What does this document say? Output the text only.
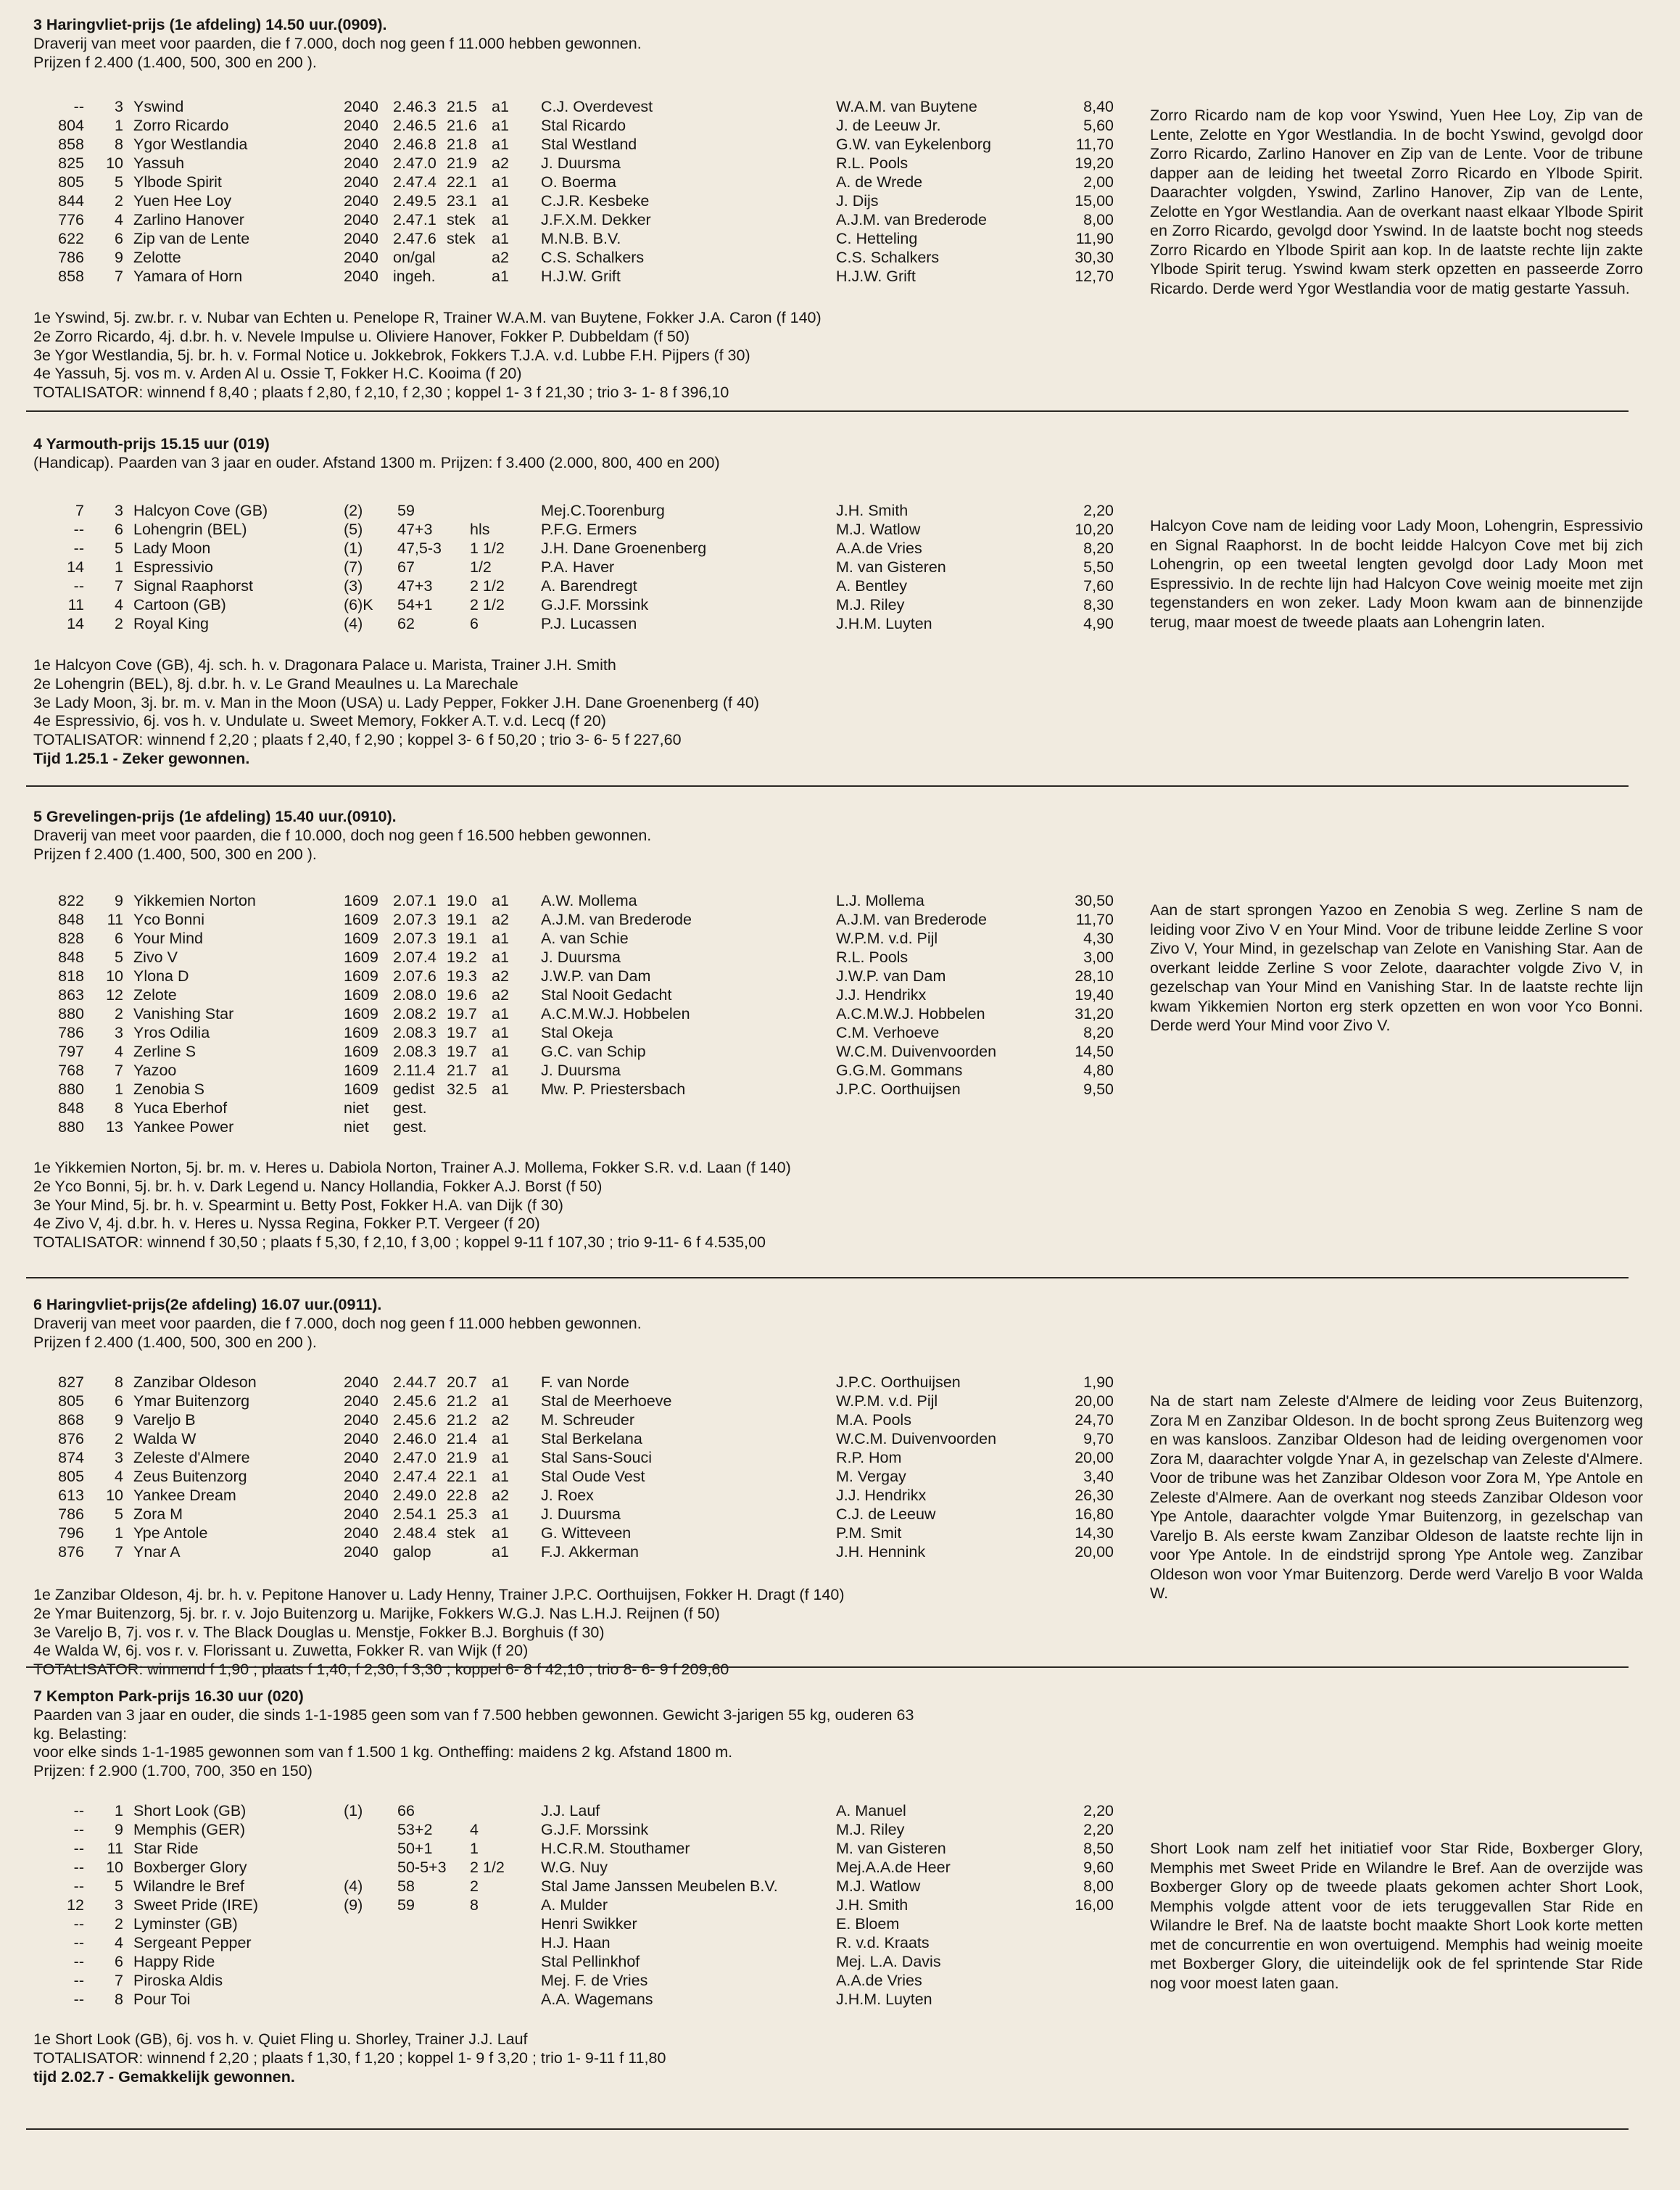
3 Haringvliet-prijs (1e afdeling) 14.50 uur.(0909).
Draverij van meet voor paarden, die f 7.000, doch nog geen f 11.000 hebben gewonnen.
Prijzen f 2.400 (1.400, 500, 300 en 200 ).
--	3 Yswind	2040 2.46.3 21.5 a1 C.J. Overdevest	W.A.M. van Buytene	8,40
804	1 Zorro Ricardo	2040 2.46.5 21.6 a1 Stal Ricardo	J. de Leeuw Jr.	5,60
858	8 Ygor Westlandia	2040 2.46.8 21.8 a1 Stal Westland	G.W. van Eykelenborg	11,70
825	10 Yassuh	2040 2.47.0 21.9 a2 J. Duursma	R.L. Pools	19,20
805	5 Ylbode Spirit	2040 2.47.4 22.1 a1 O. Boerma	A. de Wrede	2,00
844	2 Yuen Hee Loy	2040 2.49.5 23.1 a1 C.J.R. Kesbeke	J. Dijs	15,00
776	4 Zarlino Hanover	2040 2.47.1 stek a1 J.F.X.M. Dekker	A.J.M. van Brederode	8,00
622	6 Zip van de Lente	2040 2.47.6 stek a1 M.N.B. B.V.	C. Hetteling	11,90
786	9 Zelotte	2040 on/gal	a2 C.S. Schalkers	C.S. Schalkers	30,30
858	7 Yamara of Horn	2040 ingeh.	a1 H.J.W. Grift	H.J.W. Grift	12,70
1e Yswind, 5j. zw.br. r. v. Nubar van Echten u. Penelope R, Trainer W.A.M. van Buytene, Fokker J.A. Caron (f 140)
2e Zorro Ricardo, 4j. d.br. h. v. Nevele Impulse u. Oliviere Hanover, Fokker P. Dubbeldam (f 50)
3e Ygor Westlandia, 5j. br. h. v. Formal Notice u. Jokkebrok, Fokkers T.J.A. v.d. Lubbe F.H. Pijpers (f 30)
4e Yassuh, 5j. vos m. v. Arden Al u. Ossie T, Fokker H.C. Kooima (f 20)
TOTALISATOR: winnend f 8,40 ; plaats f 2,80, f 2,10, f 2,30 ; koppel 1- 3 f 21,30 ; trio 3- 1- 8 f 396,10
Zorro Ricardo nam de kop voor Yswind, Yuen Hee Loy, Zip van de Lente, Zelotte en Ygor Westlandia. In de bocht Yswind, gevolgd door Zorro Ricardo, Zarlino Hanover en Zip van de Lente. Voor de tribune dapper aan de leiding het tweetal Zorro Ricardo en Ylbode Spirit. Daarachter volgden, Yswind, Zarlino Hanover, Zip van de Lente, Zelotte en Ygor Westlandia. Aan de overkant naast elkaar Ylbode Spirit en Zorro Ricardo, gevolgd door Yswind. In de laatste bocht nog steeds Zorro Ricardo en Ylbode Spirit aan kop. In de laatste rechte lijn zakte Ylbode Spirit terug. Yswind kwam sterk opzetten en passeerde Zorro Ricardo. Derde werd Ygor Westlandia voor de matig gestarte Yassuh.
4 Yarmouth-prijs 15.15 uur (019)
(Handicap). Paarden van 3 jaar en ouder. Afstand 1300 m. Prijzen: f 3.400 (2.000, 800, 400 en 200)
7	3 Halcyon Cove (GB)	(2) 59	Mej.C.Toorenburg	J.H. Smith	2,20
--	6 Lohengrin (BEL)	(5) 47+3 hls	P.F.G. Ermers	M.J. Watlow	10,20
--	5 Lady Moon	(1) 47,5-3 1 1/2 J.H. Dane Groenenberg	A.A.de Vries	8,20
14	1 Espressivio	(7) 67	1/2	P.A. Haver	M. van Gisteren	5,50
--	7 Signal Raaphorst	(3) 47+3 2 1/2 A. Barendregt	A. Bentley	7,60
11	4 Cartoon (GB)	(6)K 54+1 2 1/2 G.J.F. Morssink	M.J. Riley	8,30
14	2 Royal King	(4) 62	6	P.J. Lucassen	J.H.M. Luyten	4,90
1e Halcyon Cove (GB), 4j. sch. h. v. Dragonara Palace u. Marista, Trainer J.H. Smith
2e Lohengrin (BEL), 8j. d.br. h. v. Le Grand Meaulnes u. La Marechale
3e Lady Moon, 3j. br. m. v. Man in the Moon (USA) u. Lady Pepper, Fokker J.H. Dane Groenenberg (f 40)
4e Espressivio, 6j. vos h. v. Undulate u. Sweet Memory, Fokker A.T. v.d. Lecq (f 20)
TOTALISATOR: winnend f 2,20 ; plaats f 2,40, f 2,90 ; koppel 3- 6 f 50,20 ; trio 3- 6- 5 f 227,60
Tijd 1.25.1 - Zeker gewonnen.
Halcyon Cove nam de leiding voor Lady Moon, Lohengrin, Espressivio en Signal Raaphorst. In de bocht leidde Halcyon Cove met bij zich Lohengrin, op een tweetal lengten gevolgd door Lady Moon met Espressivio. In de rechte lijn had Halcyon Cove weinig moeite met zijn tegenstanders en won zeker. Lady Moon kwam aan de binnenzijde terug, maar moest de tweede plaats aan Lohengrin laten.
5 Grevelingen-prijs (1e afdeling) 15.40 uur.(0910).
Draverij van meet voor paarden, die f 10.000, doch nog geen f 16.500 hebben gewonnen.
Prijzen f 2.400 (1.400, 500, 300 en 200 ).
822	9 Yikkemien Norton	1609 2.07.1 19.0 a1 A.W. Mollema	L.J. Mollema	30,50
848	11 Yco Bonni	1609 2.07.3 19.1 a2 A.J.M. van Brederode	A.J.M. van Brederode	11,70
828	6 Your Mind	1609 2.07.3 19.1 a1 A. van Schie	W.P.M. v.d. Pijl	4,30
848	5 Zivo V	1609 2.07.4 19.2 a1 J. Duursma	R.L. Pools	3,00
818	10 Ylona D	1609 2.07.6 19.3 a2 J.W.P. van Dam	J.W.P. van Dam	28,10
863	12 Zelote	1609 2.08.0 19.6 a2 Stal Nooit Gedacht	J.J. Hendrikx	19,40
880	2 Vanishing Star	1609 2.08.2 19.7 a1 A.C.M.W.J. Hobbelen	A.C.M.W.J. Hobbelen	31,20
786	3 Yros Odilia	1609 2.08.3 19.7 a1 Stal Okeja	C.M. Verhoeve	8,20
797	4 Zerline S	1609 2.08.3 19.7 a1 G.C. van Schip	W.C.M. Duivenvoorden	14,50
768	7 Yazoo	1609 2.11.4 21.7 a1 J. Duursma	G.G.M. Gommans	4,80
880	1 Zenobia S	1609 gedist 32.5 a1 Mw. P. Priestersbach	J.P.C. Oorthuijsen	9,50
848	8 Yuca Eberhof	niet gest.
880	13 Yankee Power	niet gest.
1e Yikkemien Norton, 5j. br. m. v. Heres u. Dabiola Norton, Trainer A.J. Mollema, Fokker S.R. v.d. Laan (f 140)
2e Yco Bonni, 5j. br. h. v. Dark Legend u. Nancy Hollandia, Fokker A.J. Borst (f 50)
3e Your Mind, 5j. br. h. v. Spearmint u. Betty Post, Fokker H.A. van Dijk (f 30)
4e Zivo V, 4j. d.br. h. v. Heres u. Nyssa Regina, Fokker P.T. Vergeer (f 20)
TOTALISATOR: winnend f 30,50 ; plaats f 5,30, f 2,10, f 3,00 ; koppel 9-11 f 107,30 ; trio 9-11- 6 f 4.535,00
Aan de start sprongen Yazoo en Zenobia S weg. Zerline S nam de leiding voor Zivo V en Your Mind. Voor de tribune leidde Zerline S voor Zivo V, Your Mind, in gezelschap van Zelote en Vanishing Star. Aan de overkant leidde Zerline S voor Zelote, daarachter volgde Zivo V, in gezelschap van Your Mind en Vanishing Star. In de laatste rechte lijn kwam Yikkemien Norton erg sterk opzetten en won voor Yco Bonni. Derde werd Your Mind voor Zivo V.
6 Haringvliet-prijs(2e afdeling) 16.07 uur.(0911).
Draverij van meet voor paarden, die f 7.000, doch nog geen f 11.000 hebben gewonnen.
Prijzen f 2.400 (1.400, 500, 300 en 200 ).
827	8 Zanzibar Oldeson	2040 2.44.7 20.7 a1 F. van Norde	J.P.C. Oorthuijsen	1,90
805	6 Ymar Buitenzorg	2040 2.45.6 21.2 a1 Stal de Meerhoeve	W.P.M. v.d. Pijl	20,00
868	9 Vareljo B	2040 2.45.6 21.2 a2 M. Schreuder	M.A. Pools	24,70
876	2 Walda W	2040 2.46.0 21.4 a1 Stal Berkelana	W.C.M. Duivenvoorden	9,70
874	3 Zeleste d'Almere	2040 2.47.0 21.9 a1 Stal Sans-Souci	R.P. Hom	20,00
805	4 Zeus Buitenzorg	2040 2.47.4 22.1 a1 Stal Oude Vest	M. Vergay	3,40
613	10 Yankee Dream	2040 2.49.0 22.8 a2 J. Roex	J.J. Hendrikx	26,30
786	5 Zora M	2040 2.54.1 25.3 a1 J. Duursma	C.J. de Leeuw	16,80
796	1 Ype Antole	2040 2.48.4 stek a1 G. Witteveen	P.M. Smit	14,30
876	7 Ynar A	2040 galop	a1 F.J. Akkerman	J.H. Hennink	20,00
1e Zanzibar Oldeson, 4j. br. h. v. Pepitone Hanover u. Lady Henny, Trainer J.P.C. Oorthuijsen, Fokker H. Dragt (f 140)
2e Ymar Buitenzorg, 5j. br. r. v. Jojo Buitenzorg u. Marijke, Fokkers W.G.J. Nas L.H.J. Reijnen (f 50)
3e Vareljo B, 7j. vos r. v. The Black Douglas u. Menstje, Fokker B.J. Borghuis (f 30)
4e Walda W, 6j. vos r. v. Florissant u. Zuwetta, Fokker R. van Wijk (f 20)
TOTALISATOR: winnend f 1,90 ; plaats f 1,40, f 2,30, f 3,30 ; koppel 6- 8 f 42,10 ; trio 8- 6- 9 f 209,60
Na de start nam Zeleste d'Almere de leiding voor Zeus Buitenzorg, Zora M en Zanzibar Oldeson. In de bocht sprong Zeus Buitenzorg weg en was kansloos. Zanzibar Oldeson had de leiding overgenomen voor Zora M, daarachter volgde Ynar A, in gezelschap van Zeleste d'Almere. Voor de tribune was het Zanzibar Oldeson voor Zora M, Ype Antole en Zeleste d'Almere. Aan de overkant nog steeds Zanzibar Oldeson voor Ype Antole, daarachter volgde Ymar Buitenzorg, in gezelschap van Vareljo B. Als eerste kwam Zanzibar Oldeson de laatste rechte lijn in voor Ype Antole. In de eindstrijd sprong Ype Antole weg. Zanzibar Oldeson won voor Ymar Buitenzorg. Derde werd Vareljo B voor Walda W.
7 Kempton Park-prijs 16.30 uur (020)
Paarden van 3 jaar en ouder, die sinds 1-1-1985 geen som van f 7.500 hebben gewonnen. Gewicht 3-jarigen 55 kg, ouderen 63
kg. Belasting:
voor elke sinds 1-1-1985 gewonnen som van f 1.500 1 kg. Ontheffing: maidens 2 kg. Afstand 1800 m.
Prijzen: f 2.900 (1.700, 700, 350 en 150)
--	1 Short Look (GB)	(1) 66	J.J. Lauf	A. Manuel	2,20
--	9 Memphis (GER)	53+2 4	G.J.F. Morssink	M.J. Riley	2,20
--	11 Star Ride	50+1 1	H.C.R.M. Stouthamer	M. van Gisteren	8,50
--	10 Boxberger Glory	50-5+3 2 1/2 W.G. Nuy	Mej.A.A.de Heer	9,60
--	5 Wilandre le Bref	(4) 58	2	Stal Jame Janssen Meubelen B.V.	M.J. Watlow	8,00
12	3 Sweet Pride (IRE)	(9) 59	8	A. Mulder	J.H. Smith	16,00
--	2 Lyminster (GB)	Henri Swikker	E. Bloem
--	4 Sergeant Pepper	H.J. Haan	R. v.d. Kraats
--	6 Happy Ride	Stal Pellinkhof	Mej. L.A. Davis
--	7 Piroska Aldis	Mej. F. de Vries	A.A.de Vries
--	8 Pour Toi	A.A. Wagemans	J.H.M. Luyten
1e Short Look (GB), 6j. vos h. v. Quiet Fling u. Shorley, Trainer J.J. Lauf
TOTALISATOR: winnend f 2,20 ; plaats f 1,30, f 1,20 ; koppel 1- 9 f 3,20 ; trio 1- 9-11 f 11,80
tijd 2.02.7 - Gemakkelijk gewonnen.
Short Look nam zelf het initiatief voor Star Ride, Boxberger Glory, Memphis met Sweet Pride en Wilandre le Bref. Aan de overzijde was Boxberger Glory op de tweede plaats gekomen achter Short Look, Memphis volgde attent voor de iets teruggevallen Star Ride en Wilandre le Bref. Na de laatste bocht maakte Short Look korte metten met de concurrentie en won overtuigend. Memphis had weinig moeite met Boxberger Glory, die uiteindelijk ook de fel sprintende Star Ride nog voor moest laten gaan.
